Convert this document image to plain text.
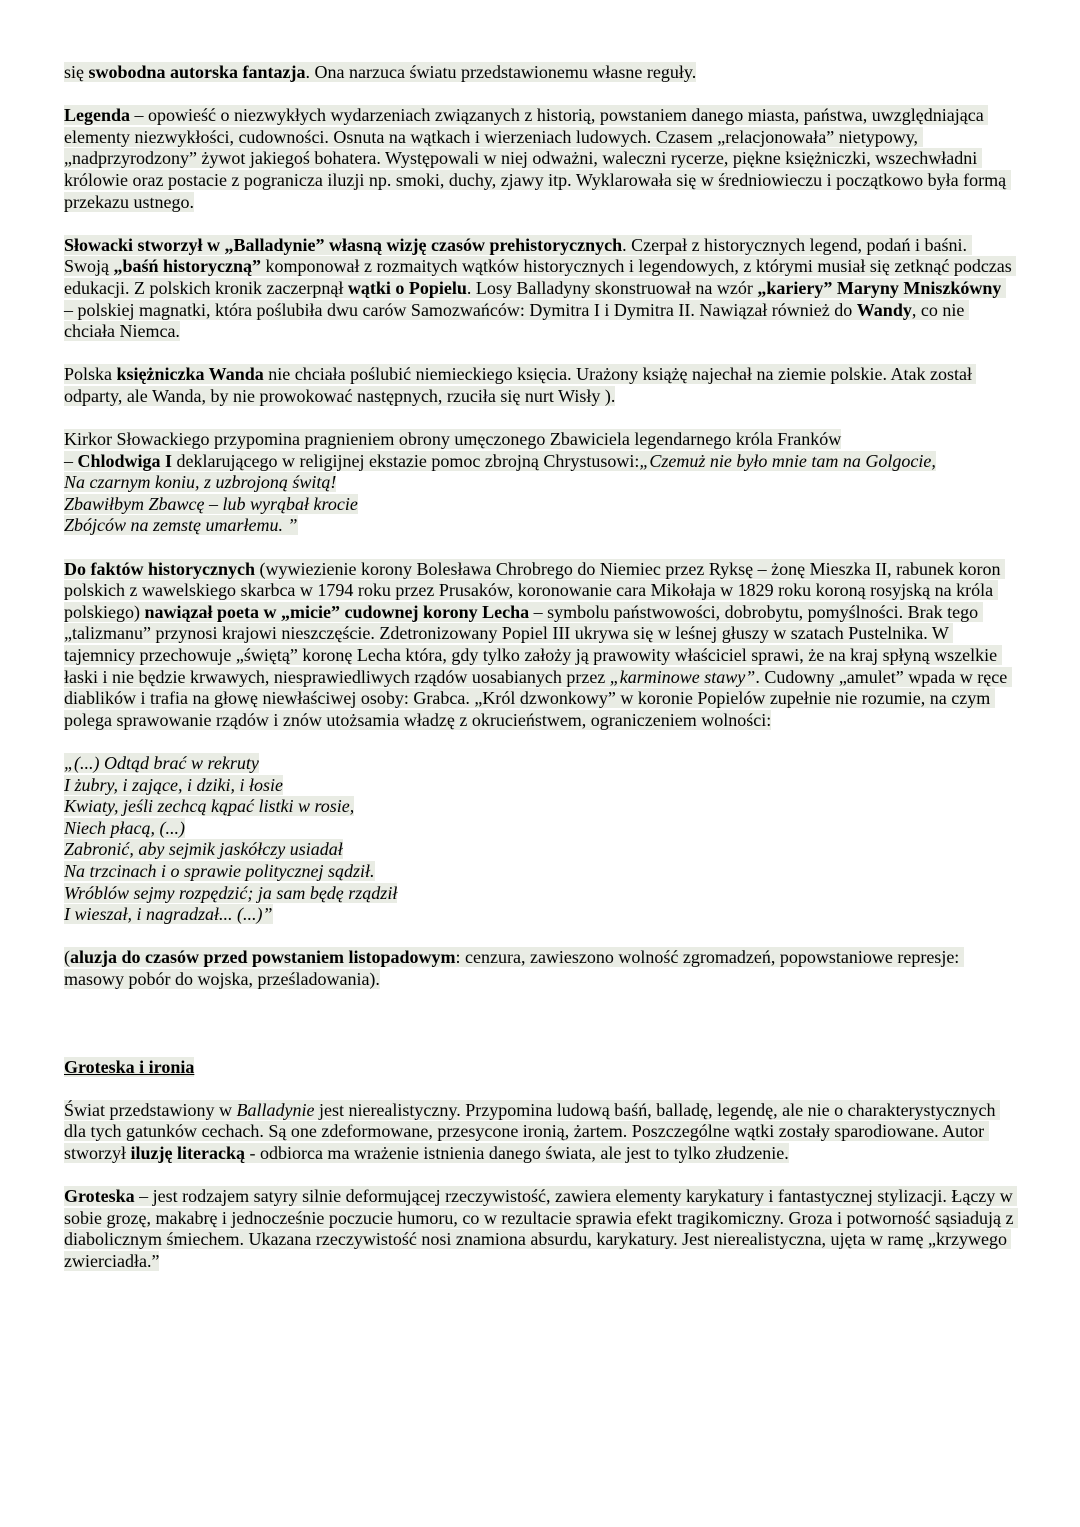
się swobodna autorska fantazja. Ona narzuca światu przedstawionemu własne reguły.
Legenda – opowieść o niezwykłych wydarzeniach związanych z historią, powstaniem danego miasta, państwa, uwzględniająca elementy niezwykłości, cudowności. Osnuta na wątkach i wierzeniach ludowych. Czasem „relacjonowała” nietypowy, „nadprzyrodzony” żywot jakiegoś bohatera. Występowali w niej odważni, waleczni rycerze, piękne księżniczki, wszechwładni królowie oraz postacie z pogranicza iluzji np. smoki, duchy, zjawy itp. Wyklarowała się w średniowieczu i początkowo była formą przekazu ustnego.
Słowacki stworzył w „Balladynie” własną wizję czasów prehistorycznych. Czerpał z historycznych legend, podań i baśni. Swoją „baśń historyczną” komponował z rozmaitych wątków historycznych i legendowych, z którymi musiał się zetknąć podczas edukacji. Z polskich kronik zaczerpnął wątki o Popielu. Losy Balladyny skonstruował na wzór „kariery” Maryny Mniszkówny – polskiej magnatki, która poślubiła dwu carów Samozwańców: Dymitra I i Dymitra II. Nawiązał również do Wandy, co nie chciała Niemca.
Polska księżniczka Wanda nie chciała poślubić niemieckiego księcia. Urażony książę najechał na ziemie polskie. Atak został odparty, ale Wanda, by nie prowokować następnych, rzuciła się nurt Wisły ).
Kirkor Słowackiego przypomina pragnieniem obrony umęczonego Zbawiciela legendarnego króla Franków
– Chlodwiga I deklarującego w religijnej ekstazie pomoc zbrojną Chrystusowi:„Czemuż nie było mnie tam na Golgocie,
Na czarnym koniu, z uzbrojoną świtą!
Zbawiłbym Zbawcę – lub wyrąbał krocie
Zbójców na zemstę umarłemu. ”
Do faktów historycznych (wywiezienie korony Bolesława Chrobrego do Niemiec przez Ryksę – żonę Mieszka II, rabunek koron polskich z wawelskiego skarbca w 1794 roku przez Prusaków, koronowanie cara Mikołaja w 1829 roku koroną rosyjską na króla polskiego) nawiązał poeta w „micie” cudownej korony Lecha – symbolu państwowości, dobrobytu, pomyślności. Brak tego „talizmanu” przynosi krajowi nieszczęście. Zdetronizowany Popiel III ukrywa się w leśnej głuszy w szatach Pustelnika. W tajemnicy przechowuje „świętą” koronę Lecha która, gdy tylko założy ją prawowity właściciel sprawi, że na kraj spłyną wszelkie łaski i nie będzie krwawych, niesprawiedliwych rządów uosabianych przez „karminowe stawy”. Cudowny „amulet” wpada w ręce diablików i trafia na głowę niewłaściwej osoby: Grabca. „Król dzwonkowy” w koronie Popielów zupełnie nie rozumie, na czym polega sprawowanie rządów i znów utożsamia władzę z okrucieństwem, ograniczeniem wolności:
„(...) Odtąd brać w rekruty
I żubry, i zające, i dziki, i łosie
Kwiaty, jeśli zechcą kąpać listki w rosie,
Niech płacą, (...)
Zabronić, aby sejmik jaskółczy usiadał
Na trzcinach i o sprawie politycznej sądził.
Wróblów sejmy rozpędzić; ja sam będę rządził
I wieszał, i nagradzał... (...)”
(aluzja do czasów przed powstaniem listopadowym: cenzura, zawieszono wolność zgromadzeń, popowstaniowe represje: masowy pobór do wojska, prześladowania).
Groteska i ironia
Świat przedstawiony w Balladynie jest nierealistyczny. Przypomina ludową baśń, balladę, legendę, ale nie o charakterystycznych dla tych gatunków cechach. Są one zdeformowane, przesycone ironią, żartem. Poszczególne wątki zostały sparodiowane. Autor stworzył iluzję literacką - odbiorca ma wrażenie istnienia danego świata, ale jest to tylko złudzenie.
Groteska – jest rodzajem satyry silnie deformującej rzeczywistość, zawiera elementy karykatury i fantastycznej stylizacji. Łączy w sobie grozę, makabrę i jednocześnie poczucie humoru, co w rezultacie sprawia efekt tragikomiczny. Groza i potworność sąsiadują z diabolicznym śmiechem. Ukazana rzeczywistość nosi znamiona absurdu, karykatury. Jest nierealistyczna, ujęta w ramę „krzywego zwierciadła.”
